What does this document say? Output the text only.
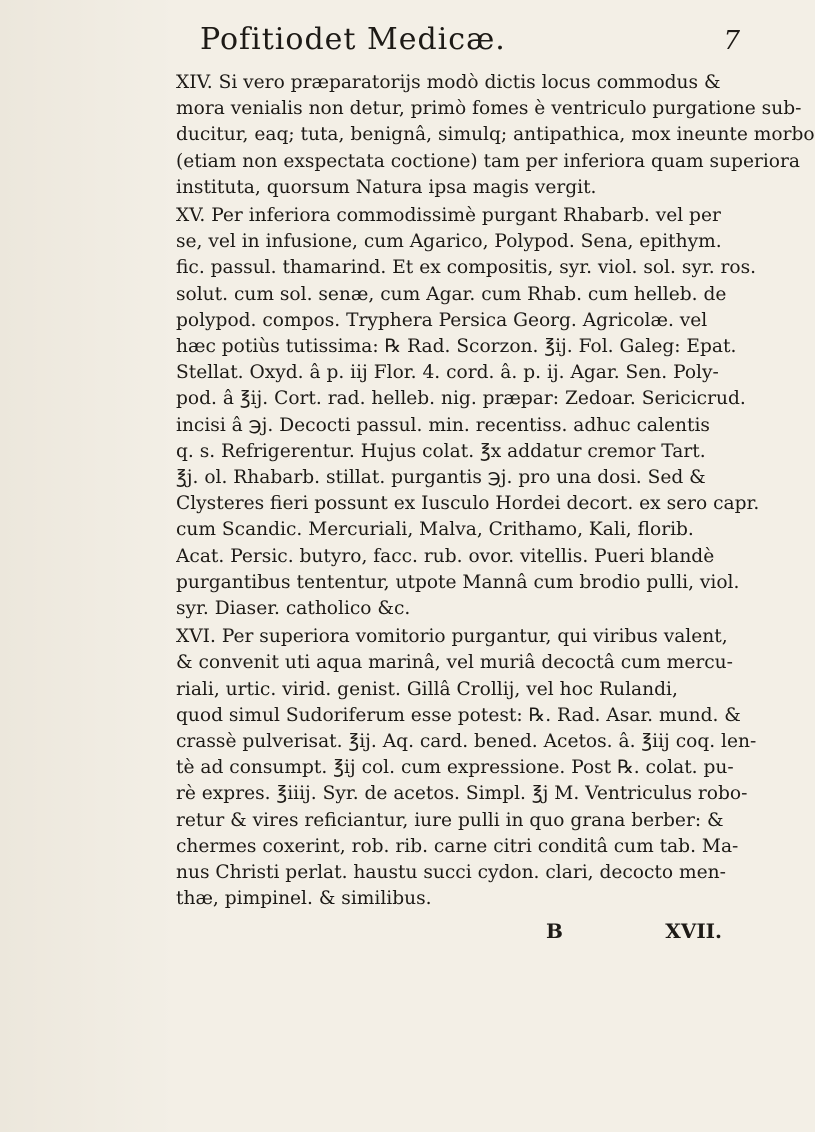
Pofitiodet Medicæ.	7
XIV. Si vero præparatorijs modò dictis locus commodus &
mora venialis non detur, primò fomes è ventriculo purgatione sub-
ducitur, eaq; tuta, benignâ, simulq; antipathica, mox ineunte morbo
(etiam non exspectata coctione) tam per inferiora quam superiora
instituta, quorsum Natura ipsa magis vergit.
XV. Per inferiora commodissimè purgant Rhabarb. vel per
se, vel in infusione, cum Agarico, Polypod. Sena, epithym.
fic. passul. thamarind. Et ex compositis, syr. viol. sol. syr. ros.
solut. cum sol. senæ, cum Agar. cum Rhab. cum helleb. de
polypod. compos. Tryphera Persica Georg. Agricolæ. vel
hæc potiùs tutissima: ℞ Rad. Scorzon. ℥ij. Fol. Galeg: Epat.
Stellat. Oxyd. â p. iij Flor. 4. cord. â. p. ij. Agar. Sen. Poly-
pod. â ℥ij. Cort. rad. helleb. nig. præpar: Zedoar. Sericicrud.
incisi â ℈j. Decocti passul. min. recentiss. adhuc calentis
q. s. Refrigerentur. Hujus colat. ℥x addatur cremor Tart.
℥j. ol. Rhabarb. stillat. purgantis ℈j. pro una dosi. Sed &
Clysteres fieri possunt ex Iusculo Hordei decort. ex sero capr.
cum Scandic. Mercuriali, Malva, Crithamo, Kali, florib.
Acat. Persic. butyro, facc. rub. ovor. vitellis. Pueri blandè
purgantibus tententur, utpote Mannâ cum brodio pulli, viol.
syr. Diaser. catholico &c.
XVI. Per superiora vomitorio purgantur, qui viribus valent,
& convenit uti aqua marinâ, vel muriâ decoctâ cum mercu-
riali, urtic. virid. genist. Gillâ Crollij, vel hoc Rulandi,
quod simul Sudoriferum esse potest: ℞. Rad. Asar. mund. &
crassè pulverisat. ℥ij. Aq. card. bened. Acetos. â. ℥iij coq. len-
tè ad consumpt. ℥ij col. cum expressione. Post ℞. colat. pu-
rè expres. ℥iiij. Syr. de acetos. Simpl. ℥j M. Ventriculus robo-
retur & vires reficiantur, iure pulli in quo grana berber: &
chermes coxerint, rob. rib. carne citri conditâ cum tab. Ma-
nus Christi perlat. haustu succi cydon. clari, decocto men-
thæ, pimpinel. & similibus.
B	XVII.
